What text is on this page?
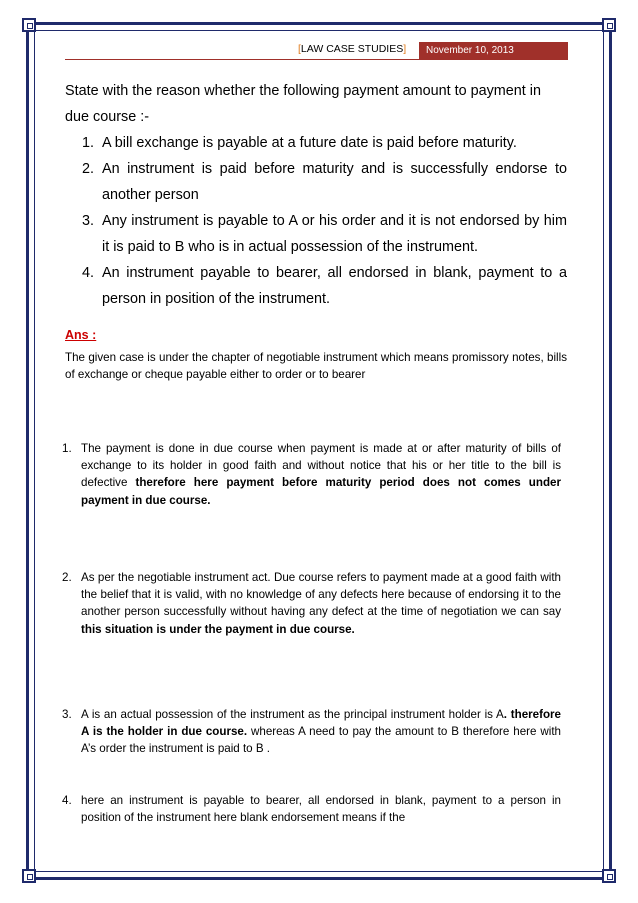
[LAW CASE STUDIES]	November 10, 2013

State with the reason whether the following payment amount to payment in due course :-

1. A bill exchange is payable at a future date is paid before maturity.
2. An instrument is paid before maturity and is successfully endorse to another person
3. Any instrument is payable to A or his order and it is not endorsed by him it is paid to B who is in actual possession of the instrument.
4. An instrument payable to bearer, all endorsed in blank, payment to a person in position of the instrument.
Ans :
The given case is under the chapter of negotiable instrument which means promissory notes, bills of exchange or cheque payable either to order or to bearer
1. The payment is done in due course when payment is made at or after maturity of bills of exchange to its holder in good faith and without notice that his or her title to the bill is defective therefore here payment before maturity period does not comes under payment in due course.
2. As per the negotiable instrument act. Due course refers to payment made at a good faith with the belief that it is valid, with no knowledge of any defects here because of endorsing it to the another person successfully without having any defect at the time of negotiation we can say this situation is under the payment in due course.
3. A is an actual possession of the instrument as the principal instrument holder is A. therefore A is the holder in due course. whereas A need to pay the amount to B therefore here with A’s order the instrument is paid to B .
4. here an instrument is payable to bearer, all endorsed in blank, payment to a person in position of the instrument here blank endorsement means if the
